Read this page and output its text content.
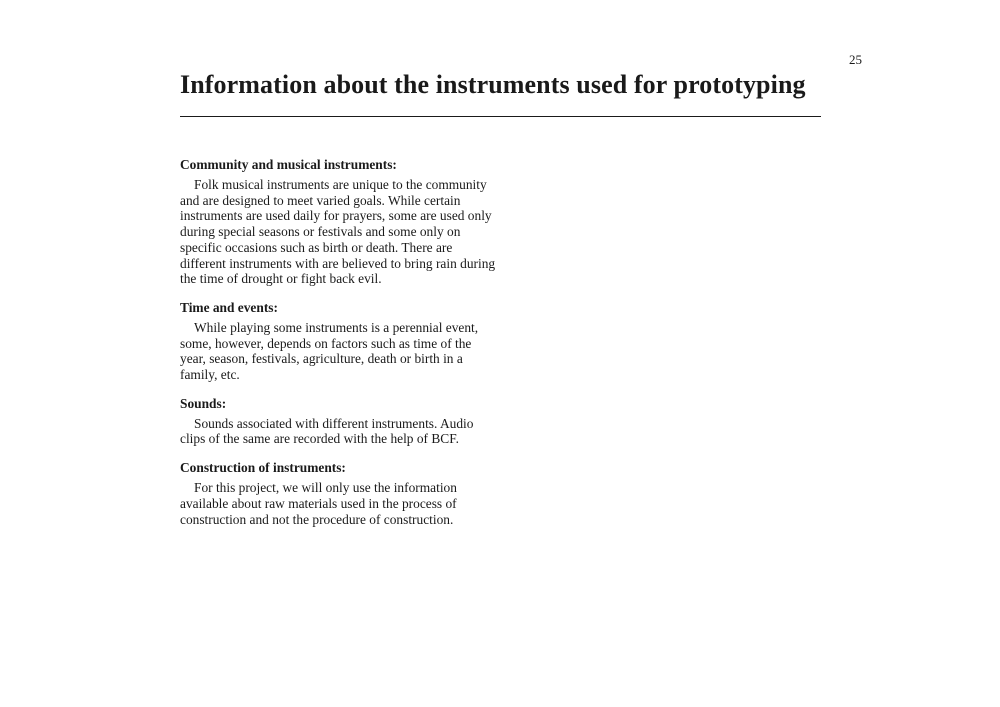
25
Information about the instruments used for prototyping
Community and musical instruments:

Folk musical instruments are unique to the community and are designed to meet varied goals. While certain instruments are used daily for prayers, some are used only during special seasons or festivals and some only on specific occasions such as birth or death. There are different instruments with are believed to bring rain during the time of drought or fight back evil.

Time and events:

While playing some instruments is a perennial event, some, however, depends on factors such as time of the year, season, festivals, agriculture, death or birth in a family, etc.

Sounds:

Sounds associated with different instruments. Audio clips of the same are recorded with the help of BCF.

Construction of instruments:

For this project, we will only use the information available about raw materials used in the process of construction and not the procedure of construction.
